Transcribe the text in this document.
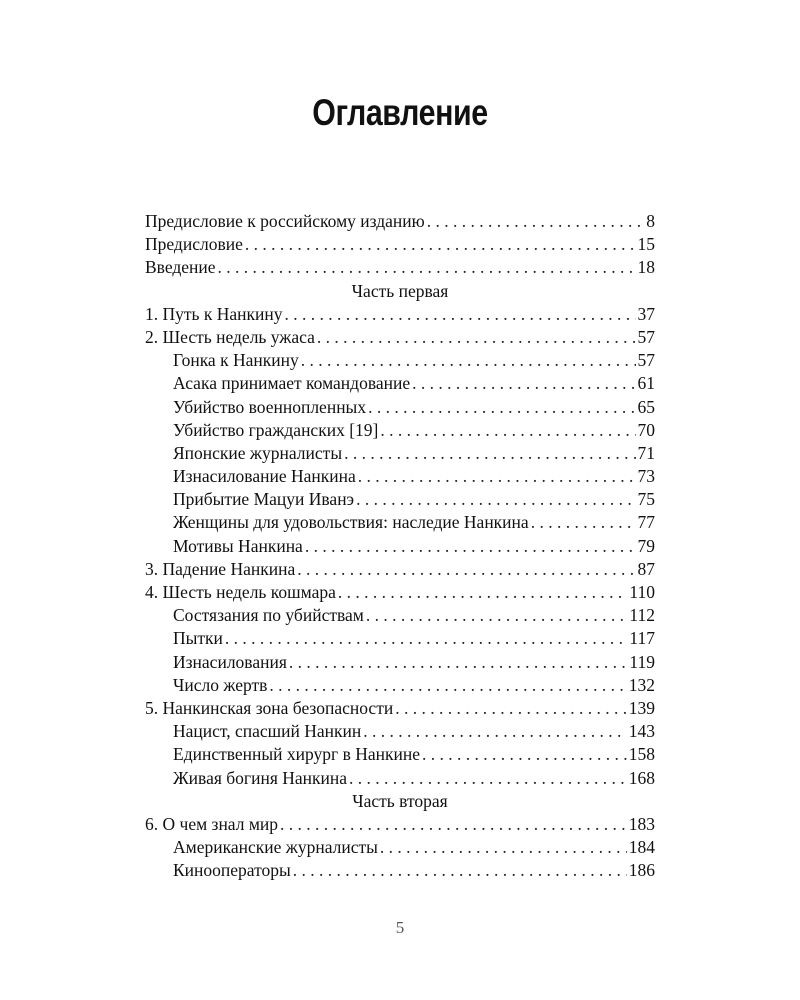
Оглавление
Предисловие к российскому изданию . . .	8
Предисловие . . .	15
Введение . . .	18
Часть первая
1. Путь к Нанкину . . .	37
2. Шесть недель ужаса . . .	57
Гонка к Нанкину . . .	57
Асака принимает командование . . .	61
Убийство военнопленных . . .	65
Убийство гражданских [19] . . .	70
Японские журналисты . . .	71
Изнасилование Нанкина . . .	73
Прибытие Мацуи Иванэ . . .	75
Женщины для удовольствия: наследие Нанкина . . .	77
Мотивы Нанкина . . .	79
3. Падение Нанкина . . .	87
4. Шесть недель кошмара . . .	110
Состязания по убийствам . . .	112
Пытки . . .	117
Изнасилования . . .	119
Число жертв . . .	132
5. Нанкинская зона безопасности . . .	139
Нацист, спасший Нанкин . . .	143
Единственный хирург в Нанкине . . .	158
Живая богиня Нанкина . . .	168
Часть вторая
6. О чем знал мир . . .	183
Американские журналисты . . .	184
Кинооператоры . . .	186
5
